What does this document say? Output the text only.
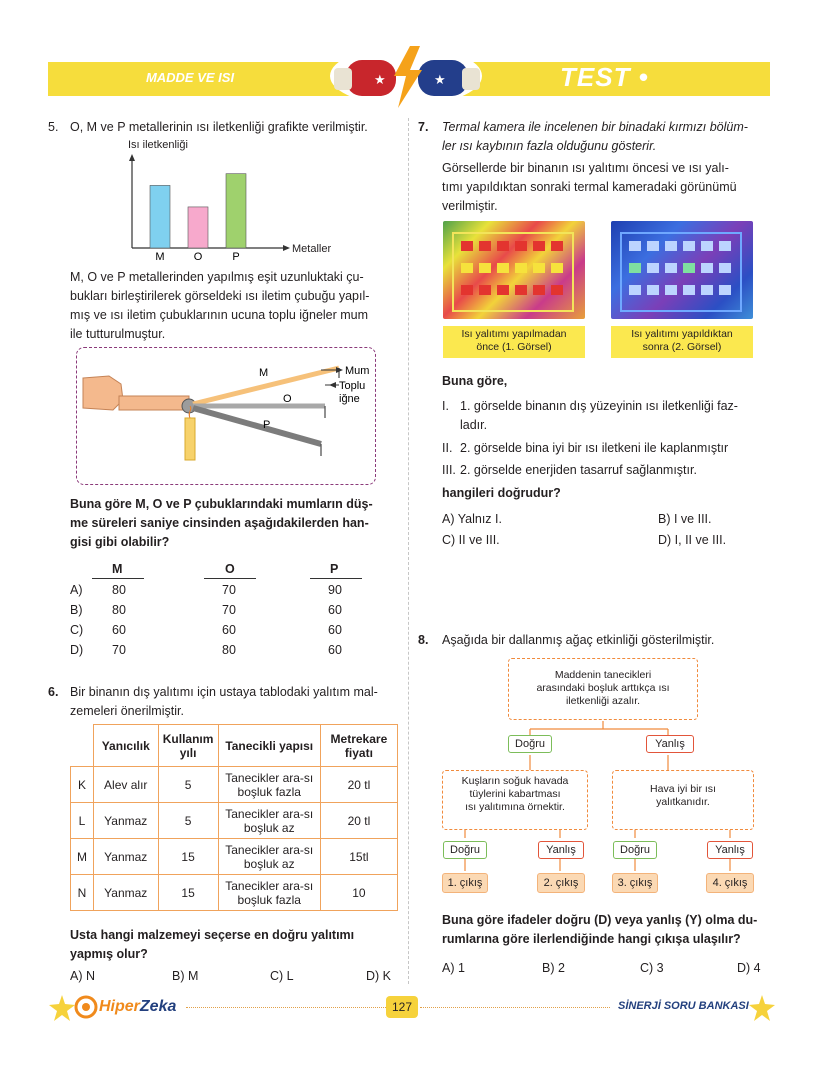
MADDE VE ISI	★	★	TEST • 09
5. O, M ve P metallerinin ısı iletkenliği grafikte verilmiştir.
Isı iletkenliği
Metaller
M	O	P
M, O ve P metallerinden yapılmış eşit uzunluktaki çu-
bukları birleştirilerek görseldeki ısı iletim çubuğu yapıl-
mış ve ısı iletim çubuklarının ucuna toplu iğneler mum
ile tutturulmuştur.
M
O
P
Mum
Toplu
iğne
Buna göre M, O ve P çubuklarındaki mumların düş-
me süreleri saniye cinsinden aşağıdakilerden han-
gisi gibi olabilir?
M	O	P
A) 80	70	90
B) 80	70	60
C) 60	60	60
D) 70	80	60
6. Bir binanın dış yalıtımı için ustaya tablodaki yalıtım mal-
zemeleri önerilmiştir.
	Yanıcılık	Kullanım yılı	Tanecikli yapısı	Metrekare fiyatı
K	Alev alır	5	Tanecikler ara-sı boşluk fazla	20 tl
L	Yanmaz	5	Tanecikler ara-sı boşluk az	20 tl
M	Yanmaz	15	Tanecikler ara-sı boşluk az	15tl
N	Yanmaz	15	Tanecikler ara-sı boşluk fazla	10
Usta hangi malzemeyi seçerse en doğru yalıtımı
yapmış olur?
A) N	B) M	C) L	D) K
7. Termal kamera ile incelenen bir binadaki kırmızı bölüm-
ler ısı kaybının fazla olduğunu gösterir.
Görsellerde bir binanın ısı yalıtımı öncesi ve ısı yalı-
tımı yapıldıktan sonraki termal kameradaki görünümü
verilmiştir.
Isı yalıtımı yapılmadan
önce (1. Görsel)
Isı yalıtımı yapıldıktan
sonra (2. Görsel)
Buna göre,
I. 1. görselde binanın dış yüzeyinin ısı iletkenliği faz-
ladır.
II. 2. görselde bina iyi bir ısı iletkeni ile kaplanmıştır
III. 2. görselde enerjiden tasarruf sağlanmıştır.
hangileri doğrudur?
A) Yalnız I.	B) I ve III.
C) II ve III.	D) I, II ve III.
8. Aşağıda bir dallanmış ağaç etkinliği gösterilmiştir.
Maddenin tanecikleri
arasındaki boşluk arttıkça ısı
iletkenliği azalır.
Doğru	Yanlış
Kuşların soğuk havada
tüylerini kabartması
ısı yalıtımına örnektir.
Hava iyi bir ısı
yalıtkanıdır.
Doğru	Yanlış	Doğru	Yanlış
1. çıkış	2. çıkış	3. çıkış	4. çıkış
Buna göre ifadeler doğru (D) veya yanlış (Y) olma du-
rumlarına göre ilerlendiğinde hangi çıkışa ulaşılır?
A) 1	B) 2	C) 3	D) 4
HiperZeka	127	SİNERJİ SORU BANKASI
